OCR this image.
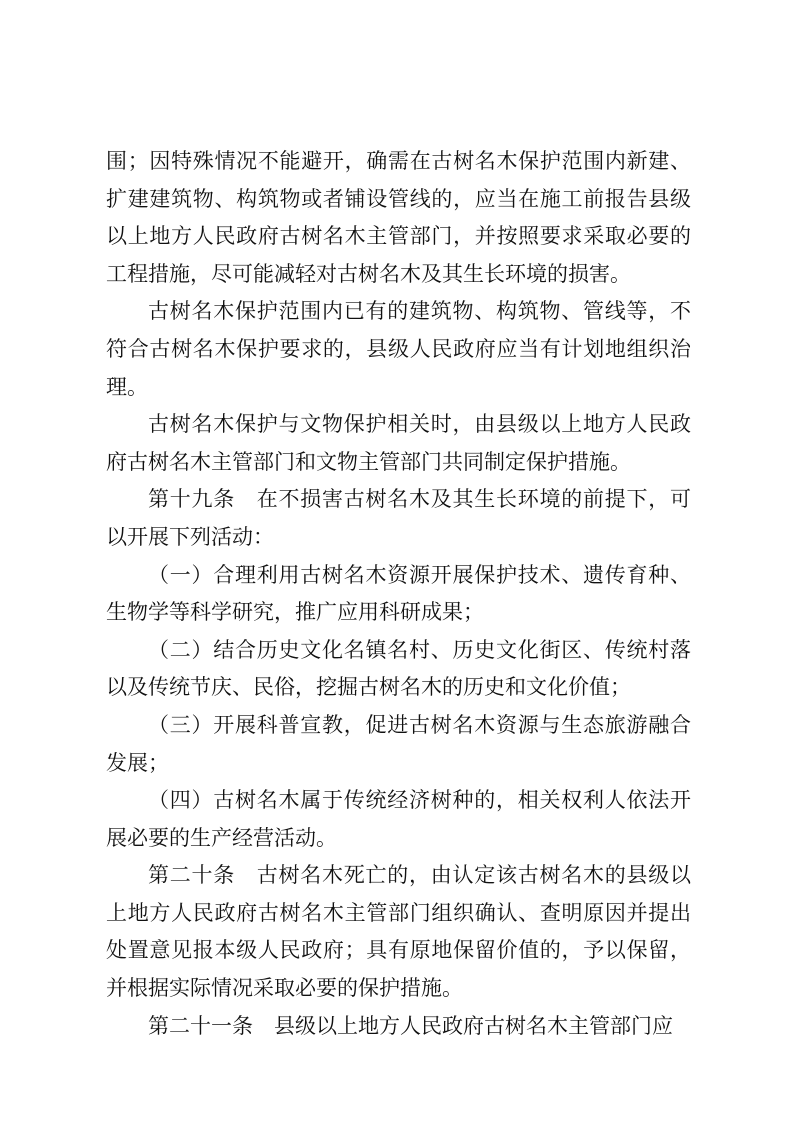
围；因特殊情况不能避开，确需在古树名木保护范围内新建、扩建建筑物、构筑物或者铺设管线的，应当在施工前报告县级以上地方人民政府古树名木主管部门，并按照要求采取必要的工程措施，尽可能减轻对古树名木及其生长环境的损害。

古树名木保护范围内已有的建筑物、构筑物、管线等，不符合古树名木保护要求的，县级人民政府应当有计划地组织治理。

古树名木保护与文物保护相关时，由县级以上地方人民政府古树名木主管部门和文物主管部门共同制定保护措施。

第十九条　在不损害古树名木及其生长环境的前提下，可以开展下列活动：

（一）合理利用古树名木资源开展保护技术、遗传育种、生物学等科学研究，推广应用科研成果；

（二）结合历史文化名镇名村、历史文化街区、传统村落以及传统节庆、民俗，挖掘古树名木的历史和文化价值；

（三）开展科普宣教，促进古树名木资源与生态旅游融合发展；

（四）古树名木属于传统经济树种的，相关权利人依法开展必要的生产经营活动。

第二十条　古树名木死亡的，由认定该古树名木的县级以上地方人民政府古树名木主管部门组织确认、查明原因并提出处置意见报本级人民政府；具有原地保留价值的，予以保留，并根据实际情况采取必要的保护措施。

第二十一条　县级以上地方人民政府古树名木主管部门应
